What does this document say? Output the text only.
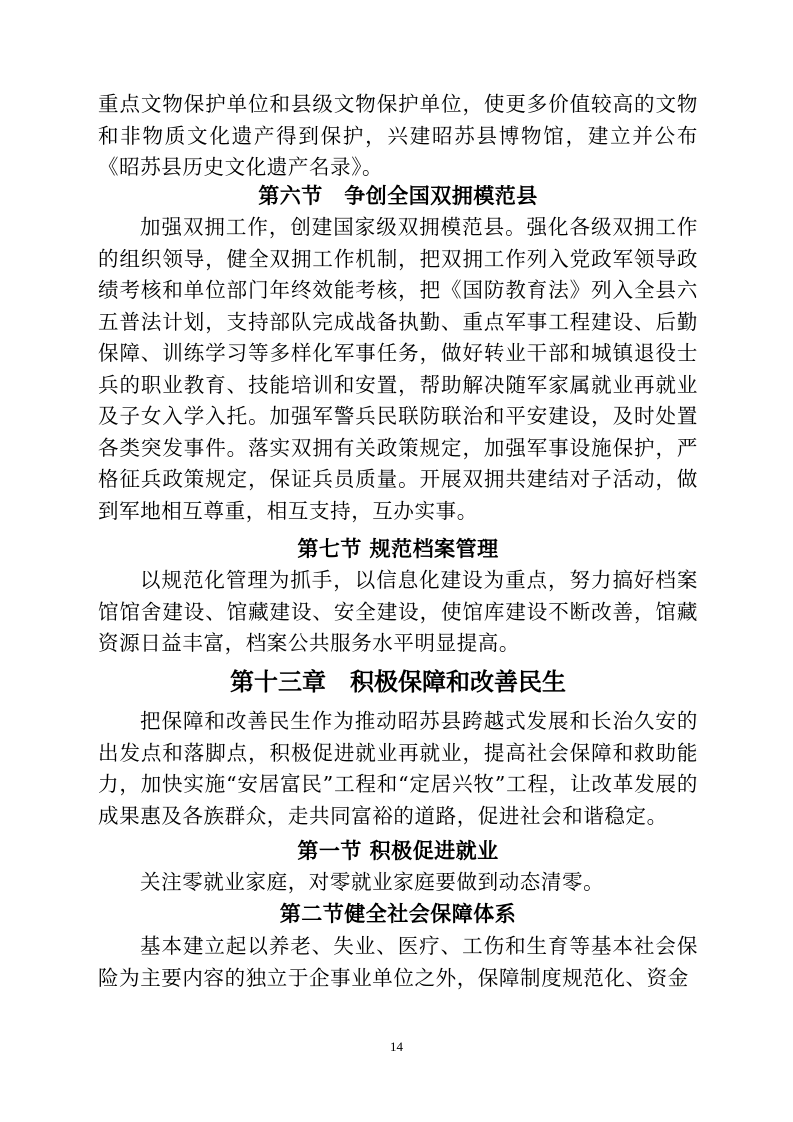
重点文物保护单位和县级文物保护单位，使更多价值较高的文物和非物质文化遗产得到保护，兴建昭苏县博物馆，建立并公布《昭苏县历史文化遗产名录》。

第六节　争创全国双拥模范县

加强双拥工作，创建国家级双拥模范县。强化各级双拥工作的组织领导，健全双拥工作机制，把双拥工作列入党政军领导政绩考核和单位部门年终效能考核，把《国防教育法》列入全县六五普法计划，支持部队完成战备执勤、重点军事工程建设、后勤保障、训练学习等多样化军事任务，做好转业干部和城镇退役士兵的职业教育、技能培训和安置，帮助解决随军家属就业再就业及子女入学入托。加强军警兵民联防联治和平安建设，及时处置各类突发事件。落实双拥有关政策规定，加强军事设施保护，严格征兵政策规定，保证兵员质量。开展双拥共建结对子活动，做到军地相互尊重，相互支持，互办实事。

第七节 规范档案管理

以规范化管理为抓手，以信息化建设为重点，努力搞好档案馆馆舍建设、馆藏建设、安全建设，使馆库建设不断改善，馆藏资源日益丰富，档案公共服务水平明显提高。

第十三章　积极保障和改善民生

把保障和改善民生作为推动昭苏县跨越式发展和长治久安的出发点和落脚点，积极促进就业再就业，提高社会保障和救助能力，加快实施“安居富民”工程和“定居兴牧”工程，让改革发展的成果惠及各族群众，走共同富裕的道路，促进社会和谐稳定。

第一节 积极促进就业

关注零就业家庭，对零就业家庭要做到动态清零。

第二节健全社会保障体系

基本建立起以养老、失业、医疗、工伤和生育等基本社会保险为主要内容的独立于企事业单位之外，保障制度规范化、资金

14
